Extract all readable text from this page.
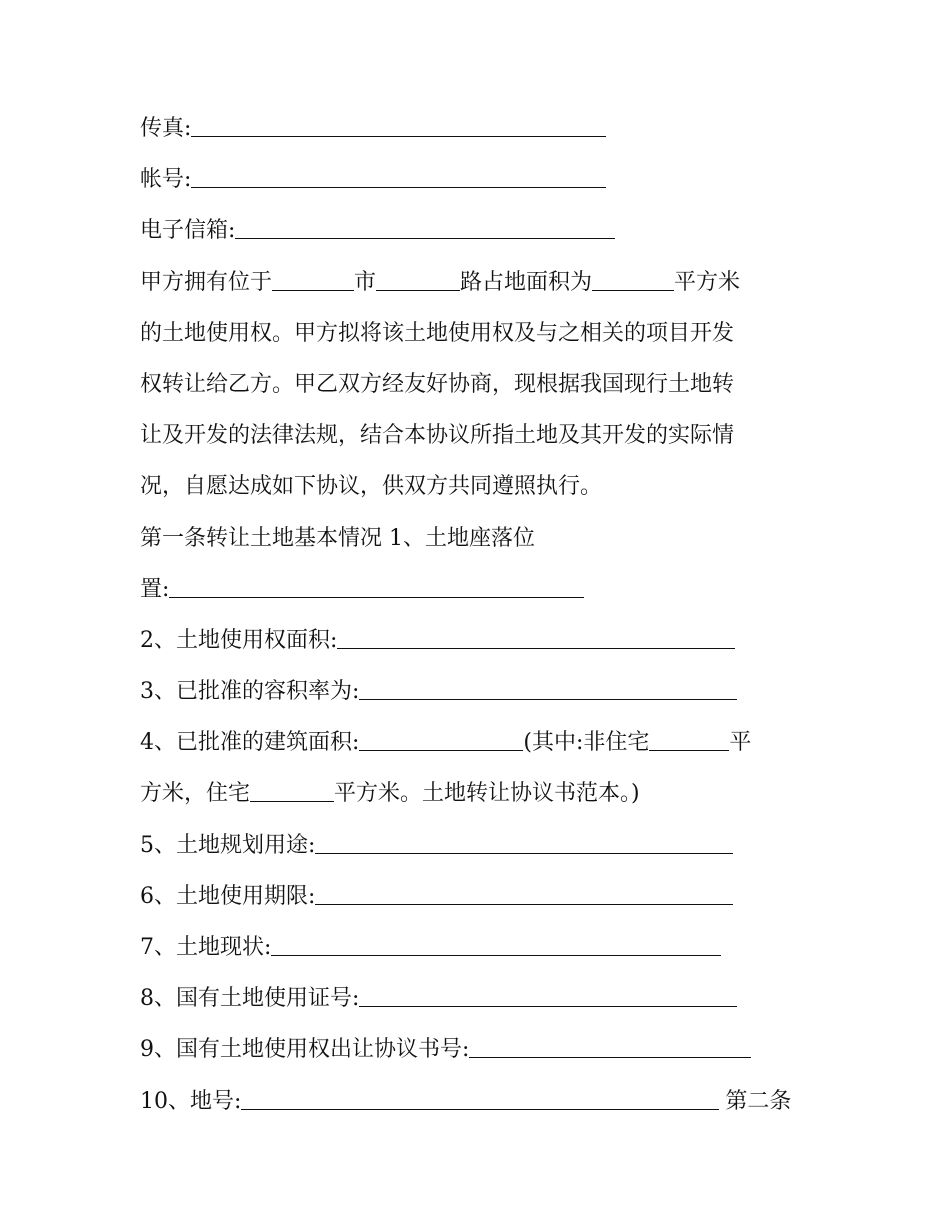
传真:
帐号:
电子信箱:
甲方拥有位于	市	路占地面积为	平方米
的土地使用权。甲方拟将该土地使用权及与之相关的项目开发
权转让给乙方。甲乙双方经友好协商，现根据我国现行土地转
让及开发的法律法规，结合本协议所指土地及其开发的实际情
况，自愿达成如下协议，供双方共同遵照执行。
第一条转让土地基本情况 1、土地座落位
置:
2、土地使用权面积:
3、已批准的容积率为:
4、已批准的建筑面积:	(其中:非住宅	平
方米，住宅	平方米。土地转让协议书范本。)
5、土地规划用途:
6、土地使用期限:
7、土地现状:
8、国有土地使用证号:
9、国有土地使用权出让协议书号:
10、地号:	第二条
